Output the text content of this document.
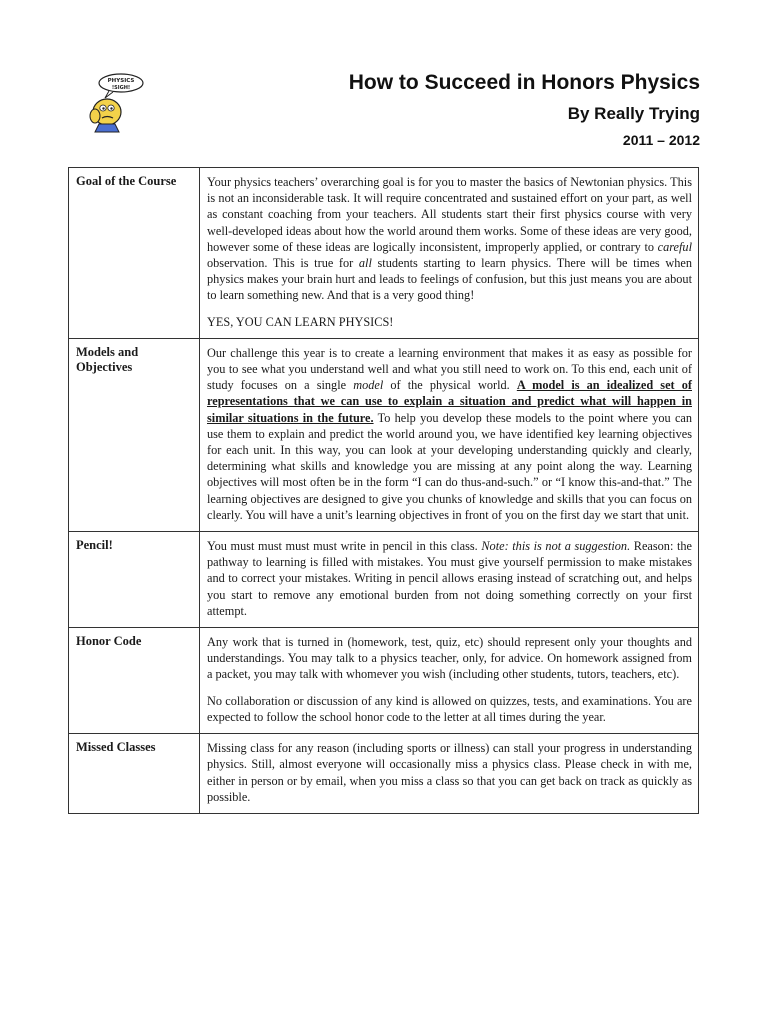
PHYSICS
!SIGH!	How to Succeed in Honors Physics
By Really Trying
2011 – 2012
Goal of the Course	Your physics teachers’ overarching goal is for you to master the basics of Newtonian physics. This is not an inconsiderable task. It will require concentrated and sustained effort on your part, as well as constant coaching from your teachers. All students start their first physics course with very well-developed ideas about how the world around them works. Some of these ideas are very good, however some of these ideas are logically inconsistent, improperly applied, or contrary to careful observation. This is true for all students starting to learn physics. There will be times when physics makes your brain hurt and leads to feelings of confusion, but this just means you are about to learn something new. And that is a very good thing!

YES, YOU CAN LEARN PHYSICS!

Models and Objectives	Our challenge this year is to create a learning environment that makes it as easy as possible for you to see what you understand well and what you still need to work on. To this end, each unit of study focuses on a single model of the physical world. A model is an idealized set of representations that we can use to explain a situation and predict what will happen in similar situations in the future. To help you develop these models to the point where you can use them to explain and predict the world around you, we have identified key learning objectives for each unit. In this way, you can look at your developing understanding quickly and clearly, determining what skills and knowledge you are missing at any point along the way. Learning objectives will most often be in the form “I can do thus-and-such.” or “I know this-and-that.” The learning objectives are designed to give you chunks of knowledge and skills that you can focus on clearly. You will have a unit’s learning objectives in front of you on the first day we start that unit.

Pencil!	You must must must must write in pencil in this class. Note: this is not a suggestion. Reason: the pathway to learning is filled with mistakes. You must give yourself permission to make mistakes and to correct your mistakes. Writing in pencil allows erasing instead of scratching out, and helps you start to remove any emotional burden from not doing something correctly on your first attempt.

Honor Code	Any work that is turned in (homework, test, quiz, etc) should represent only your thoughts and understandings. You may talk to a physics teacher, only, for advice. On homework assigned from a packet, you may talk with whomever you wish (including other students, tutors, teachers, etc).

No collaboration or discussion of any kind is allowed on quizzes, tests, and examinations. You are expected to follow the school honor code to the letter at all times during the year.

Missed Classes	Missing class for any reason (including sports or illness) can stall your progress in understanding physics. Still, almost everyone will occasionally miss a physics class. Please check in with me, either in person or by email, when you miss a class so that you can get back on track as quickly as possible.
